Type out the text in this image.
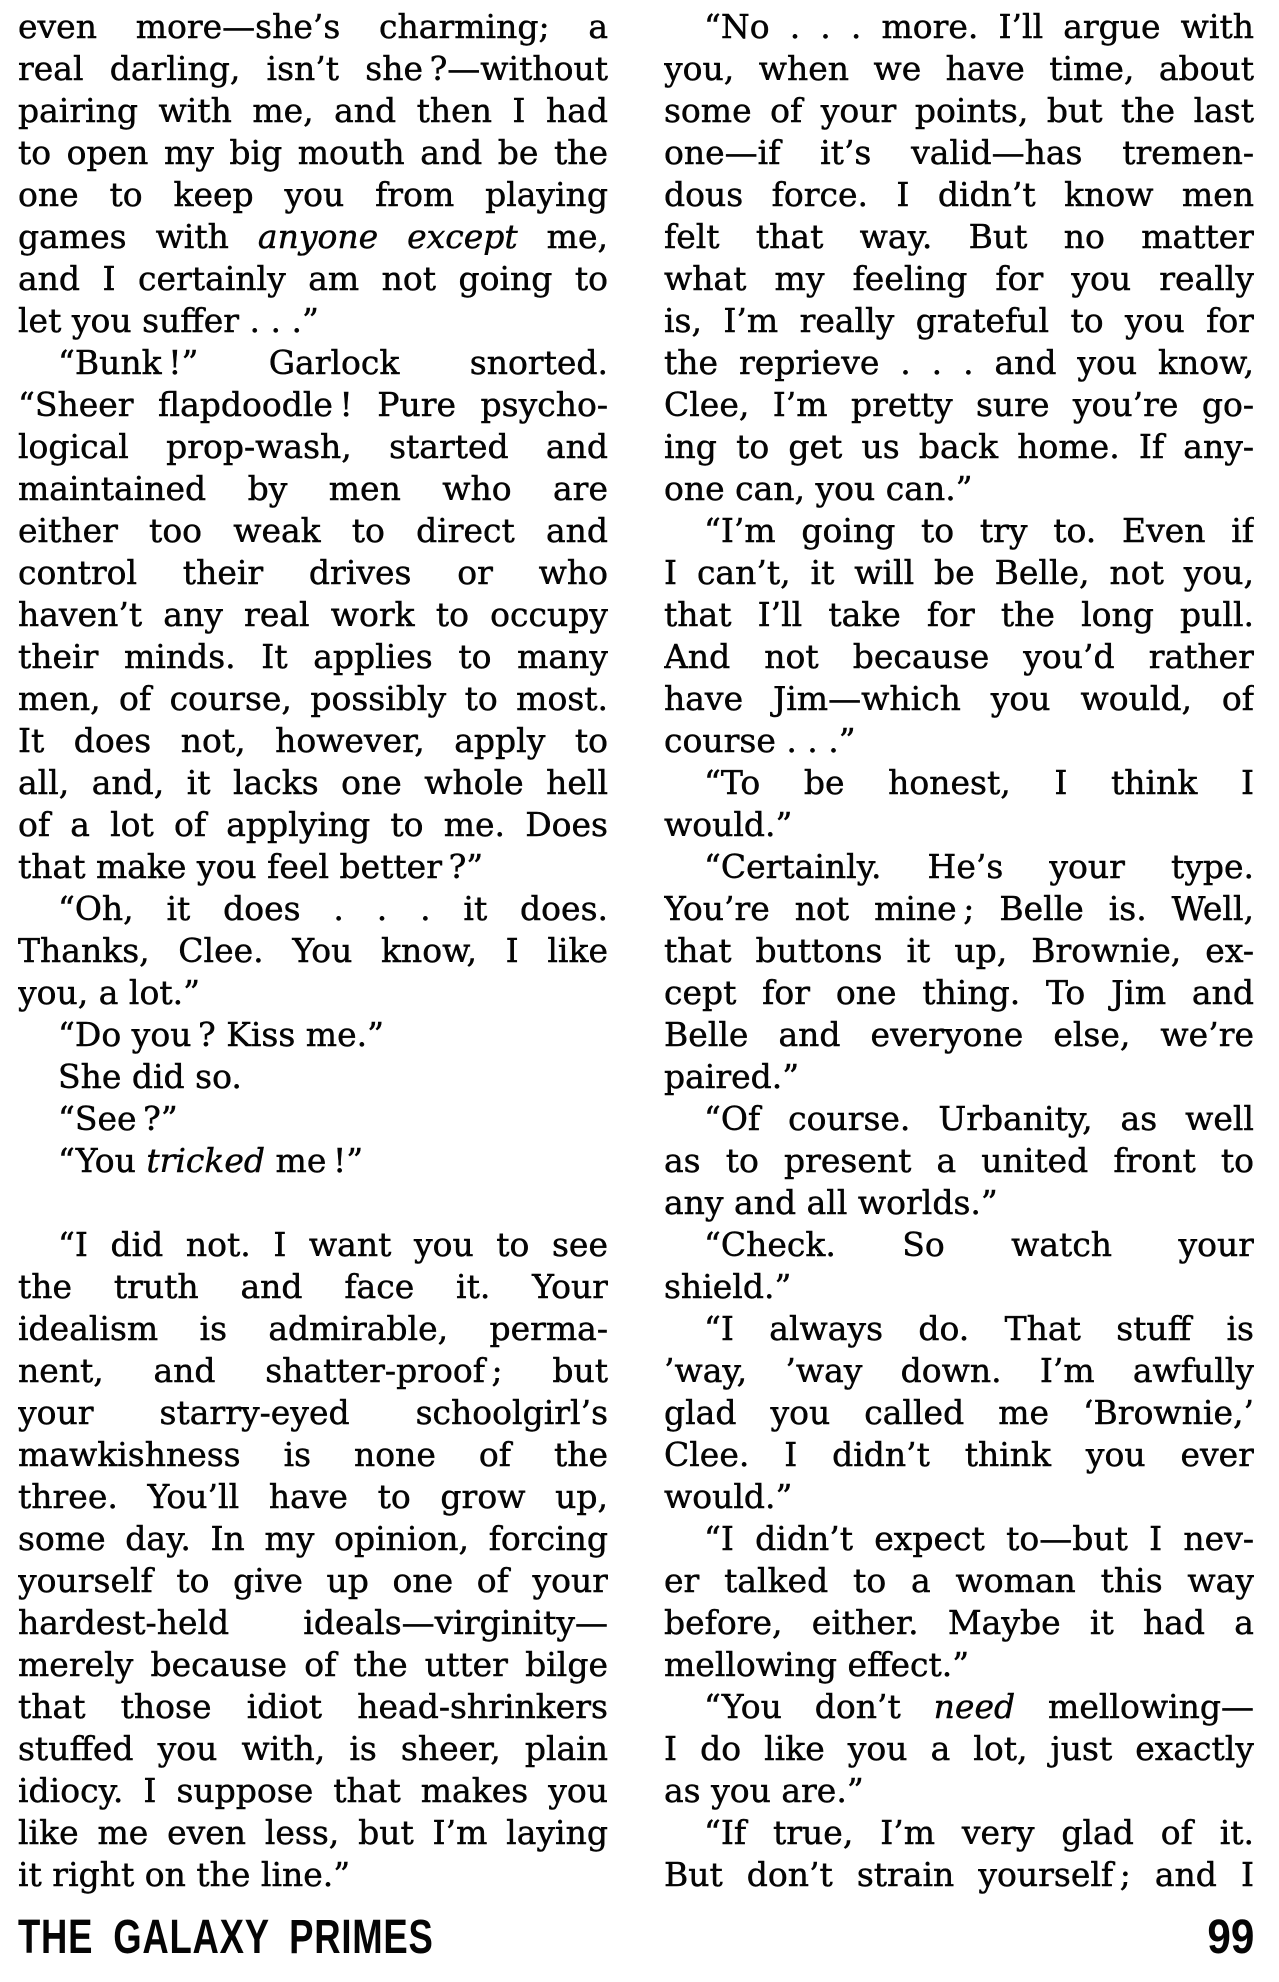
even more—she’s charming; a
real darling, isn’t she ?—without
pairing with me, and then I had
to open my big mouth and be the
one to keep you from playing
games with anyone except me,
and I certainly am not going to
let you suffer . . .”
“Bunk !” Garlock snorted.
“Sheer flapdoodle ! Pure psycho-
logical prop-wash, started and
maintained by men who are
either too weak to direct and
control their drives or who
haven’t any real work to occupy
their minds. It applies to many
men, of course, possibly to most.
It does not, however, apply to
all, and, it lacks one whole hell
of a lot of applying to me. Does
that make you feel better ?”
“Oh, it does . . . it does.
Thanks, Clee. You know, I like
you, a lot.”
“Do you ? Kiss me.”
She did so.
“See ?”
“You tricked me !”
“I did not. I want you to see
the truth and face it. Your
idealism is admirable, perma-
nent, and shatter-proof ; but
your starry-eyed schoolgirl’s
mawkishness is none of the
three. You’ll have to grow up,
some day. In my opinion, forcing
yourself to give up one of your
hardest-held ideals—virginity—
merely because of the utter bilge
that those idiot head-shrinkers
stuffed you with, is sheer, plain
idiocy. I suppose that makes you
like me even less, but I’m laying
it right on the line.”
“No . . . more. I’ll argue with
you, when we have time, about
some of your points, but the last
one—if it’s valid—has tremen-
dous force. I didn’t know men
felt that way. But no matter
what my feeling for you really
is, I’m really grateful to you for
the reprieve . . . and you know,
Clee, I’m pretty sure you’re go-
ing to get us back home. If any-
one can, you can.”
“I’m going to try to. Even if
I can’t, it will be Belle, not you,
that I’ll take for the long pull.
And not because you’d rather
have Jim—which you would, of
course . . .”
“To be honest, I think I
would.”
“Certainly. He’s your type.
You’re not mine ; Belle is. Well,
that buttons it up, Brownie, ex-
cept for one thing. To Jim and
Belle and everyone else, we’re
paired.”
“Of course. Urbanity, as well
as to present a united front to
any and all worlds.”
“Check. So watch your
shield.”
“I always do. That stuff is
’way, ’way down. I’m awfully
glad you called me ‘Brownie,’
Clee. I didn’t think you ever
would.”
“I didn’t expect to—but I nev-
er talked to a woman this way
before, either. Maybe it had a
mellowing effect.”
“You don’t need mellowing—
I do like you a lot, just exactly
as you are.”
“If true, I’m very glad of it.
But don’t strain yourself ; and I
THE GALAXY PRIMES	99
